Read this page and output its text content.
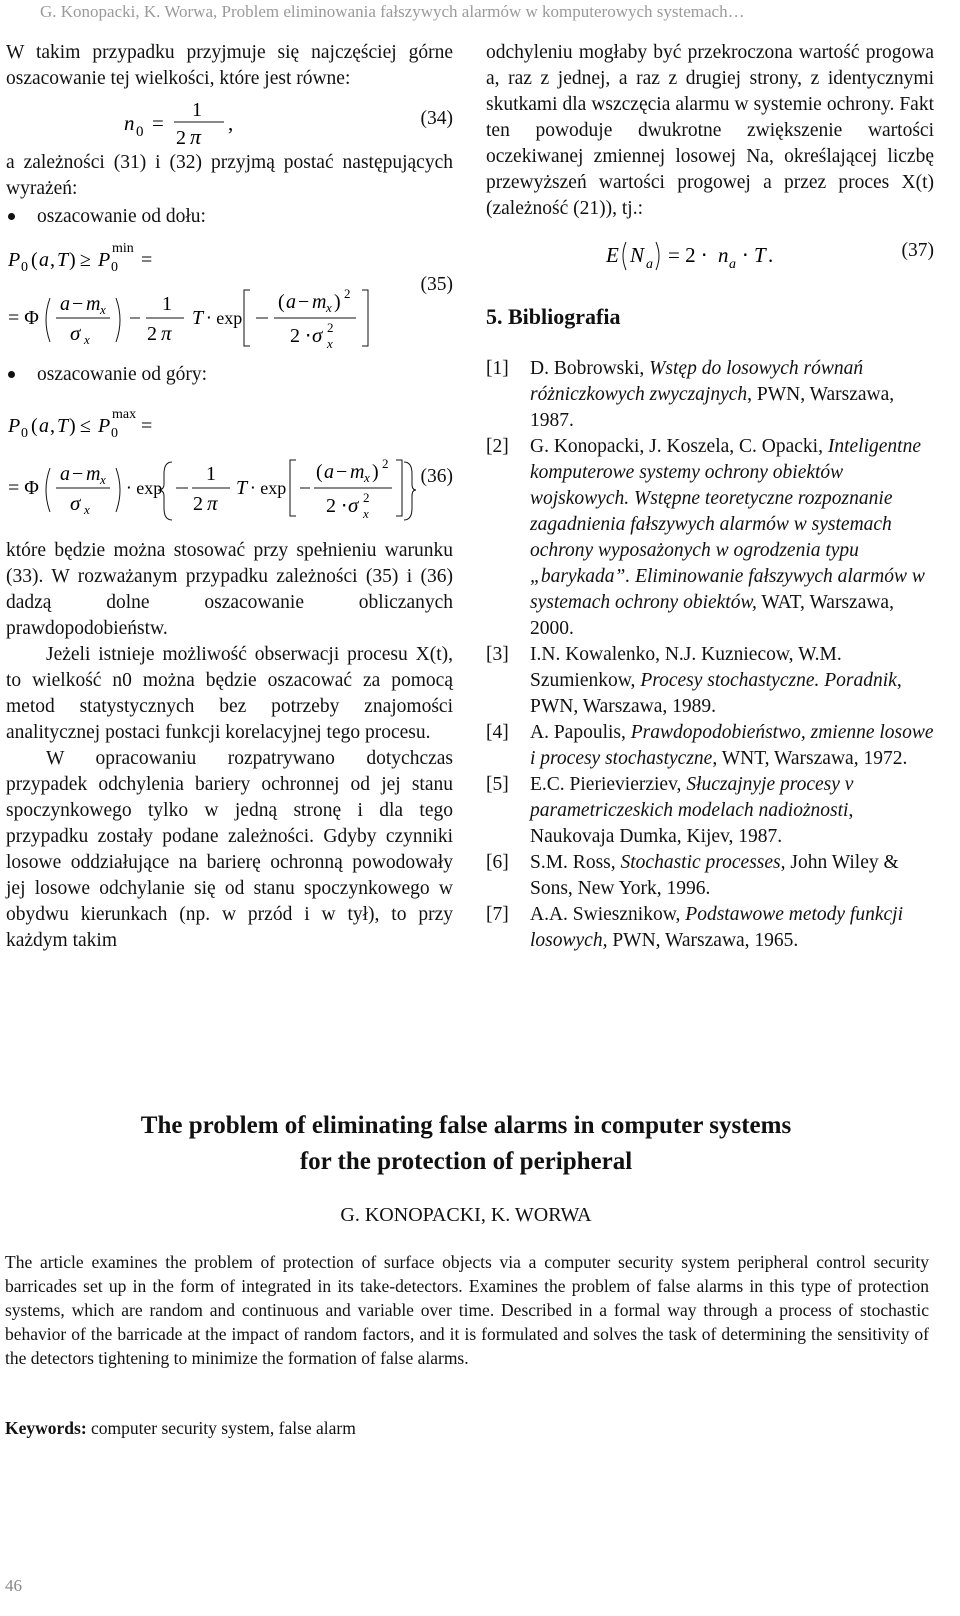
G. Konopacki, K. Worwa, Problem eliminowania fałszywych alarmów w komputerowych systemach…

W takim przypadku przyjmuje się najczęściej górne oszacowanie tej wielkości, które jest równe:

n 0 =
1
2 π
,	(34)

a zależności (31) i (32) przyjmą postać następujących wyrażeń:

oszacowanie od dołu:
P 0 ( a , T ) ≥ P 0
min
=
= Φ
a − m x
σ x
1
2 π
T ⋅ exp
( a − m x ) 2
2 ⋅ σ 2
x
(35)
oszacowanie od góry:
P 0 ( a , T ) ≤ P 0
max
=
= Φ
a − m x
σ x
⋅ exp
1
2 π
T ⋅ exp
( a − m x ) 2
2 ⋅ σ 2
x
(36)

które będzie można stosować przy spełnieniu warunku (33). W rozważanym przypadku zależności (35) i (36) dadzą dolne oszacowanie obliczanych prawdopodobieństw.

Jeżeli istnieje możliwość obserwacji procesu X(t), to wielkość n0 można będzie oszacować za pomocą metod statystycznych bez potrzeby znajomości analitycznej postaci funkcji korelacyjnej tego procesu.

W opracowaniu rozpatrywano dotychczas przypadek odchylenia bariery ochronnej od jej stanu spoczynkowego tylko w jedną stronę i dla tego przypadku zostały podane zależności. Gdyby czynniki losowe oddziałujące na barierę ochronną powodowały jej losowe odchylanie się od stanu spoczynkowego w obydwu kierunkach (np. w przód i w tył), to przy każdym takim

odchyleniu mogłaby być przekroczona wartość progowa a, raz z jednej, a raz z drugiej strony, z identycznymi skutkami dla wszczęcia alarmu w systemie ochrony. Fakt ten powoduje dwukrotne zwiększenie wartości oczekiwanej zmiennej losowej Na, określającej liczbę przewyższeń wartości progowej a przez proces X(t) (zależność (21)), tj.:

E N a = 2 ⋅ n a ⋅ T .	(37)
5. Bibliografia
[1]	D. Bobrowski, Wstęp do losowych równań różniczkowych zwyczajnych, PWN, Warszawa, 1987.
[2]	G. Konopacki, J. Koszela, C. Opacki, Inteligentne komputerowe systemy ochrony obiektów wojskowych. Wstępne teoretyczne rozpoznanie zagadnienia fałszywych alarmów w systemach ochrony wyposażonych w ogrodzenia typu „barykada”. Eliminowanie fałszywych alarmów w systemach ochrony obiektów, WAT, Warszawa, 2000.
[3]	I.N. Kowalenko, N.J. Kuzniecow, W.M. Szumienkow, Procesy stochastyczne. Poradnik, PWN, Warszawa, 1989.
[4]	A. Papoulis, Prawdopodobieństwo, zmienne losowe i procesy stochastyczne, WNT, Warszawa, 1972.
[5]	E.C. Pierievierziev, Słuczajnyje procesy v parametriczeskich modelach nadiożnosti, Naukovaja Dumka, Kijev, 1987.
[6]	S.M. Ross, Stochastic processes, John Wiley & Sons, New York, 1996.
[7]	A.A. Swiesznikow, Podstawowe metody funkcji losowych, PWN, Warszawa, 1965.
The problem of eliminating false alarms in computer systems
for the protection of peripheral
G. KONOPACKI, K. WORWA
The article examines the problem of protection of surface objects via a computer security system peripheral control security barricades set up in the form of integrated in its take-detectors. Examines the problem of false alarms in this type of protection systems, which are random and continuous and variable over time. Described in a formal way through a process of stochastic behavior of the barricade at the impact of random factors, and it is formulated and solves the task of determining the sensitivity of the detectors tightening to minimize the formation of false alarms.
Keywords: computer security system, false alarm
46
